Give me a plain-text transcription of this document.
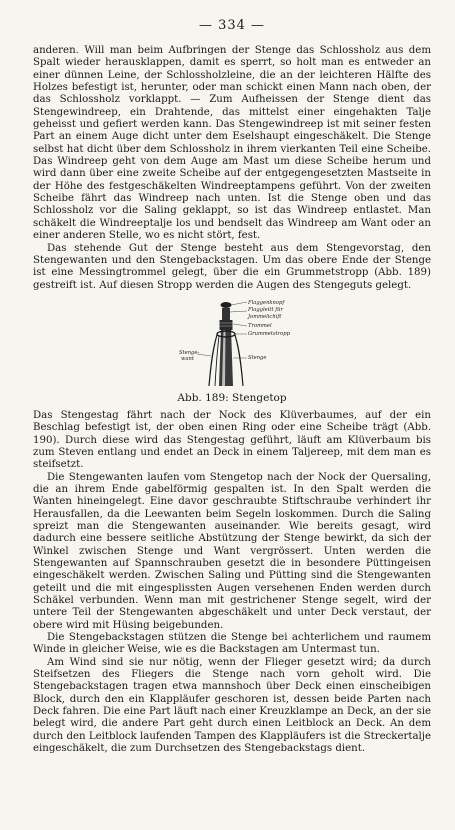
— 334 —

anderen. Will man beim Aufbringen der Stenge das Schlossholz aus dem Spalt wieder herausklappen, damit es sperrt, so holt man es entweder an einer dünnen Leine, der Schlossholzleine, die an der leichteren Hälfte des Holzes befestigt ist, herunter, oder man schickt einen Mann nach oben, der das Schlossholz vorklappt. — Zum Aufheissen der Stenge dient das Stengewindreep, ein Drahtende, das mittelst einer eingehakten Talje geheisst und gefiert werden kann. Das Stengewindreep ist mit seiner festen Part an einem Auge dicht unter dem Eselshaupt eingeschäkelt. Die Stenge selbst hat dicht über dem Schlossholz in ihrem vierkanten Teil eine Scheibe. Das Windreep geht von dem Auge am Mast um diese Scheibe herum und wird dann über eine zweite Scheibe auf der entgegengesetzten Mastseite in der Höhe des festgeschäkelten Windreeptampens geführt. Von der zweiten Scheibe fährt das Windreep nach unten. Ist die Stenge oben und das Schlossholz vor die Saling geklappt, so ist das Windreep entlastet. Man schäkelt die Windreeptalje los und bendselt das Windreep am Want oder an einer anderen Stelle, wo es nicht stört, fest.

Das stehende Gut der Stenge besteht aus dem Stengevorstag, den Stengewanten und den Stengebackstagen. Um das obere Ende der Stenge ist eine Messingtrommel gelegt, über die ein Grummetstropp (Abb. 189) gestreift ist. Auf diesen Stropp werden die Augen des Stengeguts gelegt.

Flaggenknopf
Flaggleitt für
Jommelichift
Trommel
Grummetstropp
Stenge
Stenge-
want
Abb. 189: Stengetop

Das Stengestag fährt nach der Nock des Klüverbaumes, auf der ein Beschlag befestigt ist, der oben einen Ring oder eine Scheibe trägt (Abb. 190). Durch diese wird das Stengestag geführt, läuft am Klüverbaum bis zum Steven entlang und endet an Deck in einem Taljereep, mit dem man es steifsetzt.

Die Stengewanten laufen vom Stengetop nach der Nock der Quersaling, die an ihrem Ende gabelförmig gespalten ist. In den Spalt werden die Wanten hineingelegt. Eine davor geschraubte Stiftschraube verhindert ihr Herausfallen, da die Leewanten beim Segeln loskommen. Durch die Saling spreizt man die Stengewanten auseinander. Wie bereits gesagt, wird dadurch eine bessere seitliche Abstützung der Stenge bewirkt, da sich der Winkel zwischen Stenge und Want vergrössert. Unten werden die Stengewanten auf Spannschrauben gesetzt die in besondere Püttingeisen eingeschäkelt werden. Zwischen Saling und Pütting sind die Stengewanten geteilt und die mit eingesplissten Augen versehenen Enden werden durch Schäkel verbunden. Wenn man mit gestrichener Stenge segelt, wird der untere Teil der Stengewanten abgeschäkelt und unter Deck verstaut, der obere wird mit Hüsing beigebunden.

Die Stengebackstagen stützen die Stenge bei achterlichem und raumem Winde in gleicher Weise, wie es die Backstagen am Untermast tun.

Am Wind sind sie nur nötig, wenn der Flieger gesetzt wird; da durch Steifsetzen des Fliegers die Stenge nach vorn geholt wird. Die Stengebackstagen tragen etwa mannshoch über Deck einen einscheibigen Block, durch den ein Klappläufer geschoren ist, dessen beide Parten nach Deck fahren. Die eine Part läuft nach einer Kreuzklampe an Deck, an der sie belegt wird, die andere Part geht durch einen Leitblock an Deck. An dem durch den Leitblock laufenden Tampen des Klappläufers ist die Streckertalje eingeschäkelt, die zum Durchsetzen des Stengebackstags dient.
